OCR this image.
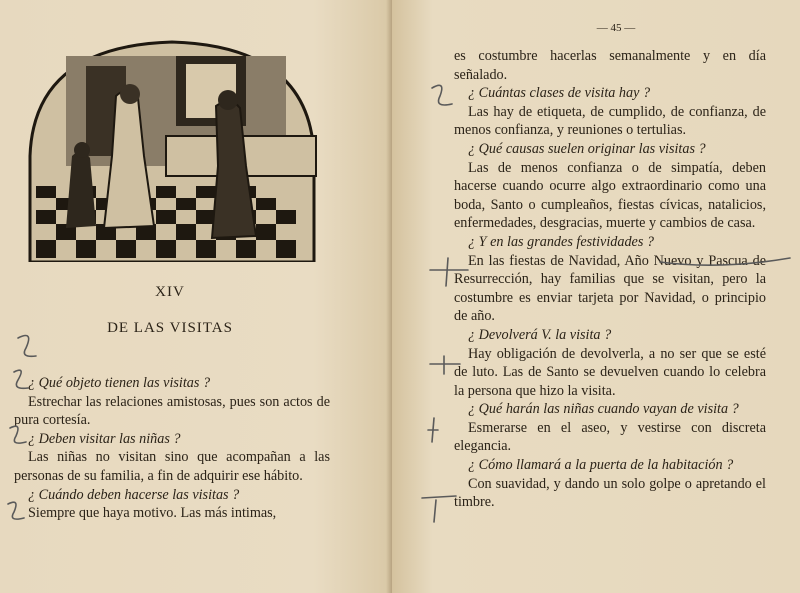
XIV
DE LAS VISITAS
¿ Qué objeto tienen las visitas ?
Estrechar las relaciones amistosas, pues son actos de pura cortesía.
¿ Deben visitar las niñas ?
Las niñas no visitan sino que acompañan a las personas de su familia, a fin de adquirir ese hábito.
¿ Cuándo deben hacerse las visitas ?
Siempre que haya motivo. Las más intimas,
— 45 —
es costumbre hacerlas semanalmente y en día señalado.
¿ Cuántas clases de visita hay ?
Las hay de etiqueta, de cumplido, de confianza, de menos confianza, y reuniones o tertulias.
¿ Qué causas suelen originar las visitas ?
Las de menos confianza o de simpatía, deben hacerse cuando ocurre algo extraordinario como una boda, Santo o cumpleaños, fiestas cívicas, natalicios, enfermedades, desgracias, muerte y cambios de casa.
¿ Y en las grandes festividades ?
En las fiestas de Navidad, Año Nuevo y Pascua de Resurrección, hay familias que se visitan, pero la costumbre es enviar tarjeta por Navidad, o principio de año.
¿ Devolverá V. la visita ?
Hay obligación de devolverla, a no ser que se esté de luto. Las de Santo se devuelven cuando lo celebra la persona que hizo la visita.
¿ Qué harán las niñas cuando vayan de visita ?
Esmerarse en el aseo, y vestirse con discreta elegancia.
¿ Cómo llamará a la puerta de la habitación ?
Con suavidad, y dando un solo golpe o apretando el timbre.
